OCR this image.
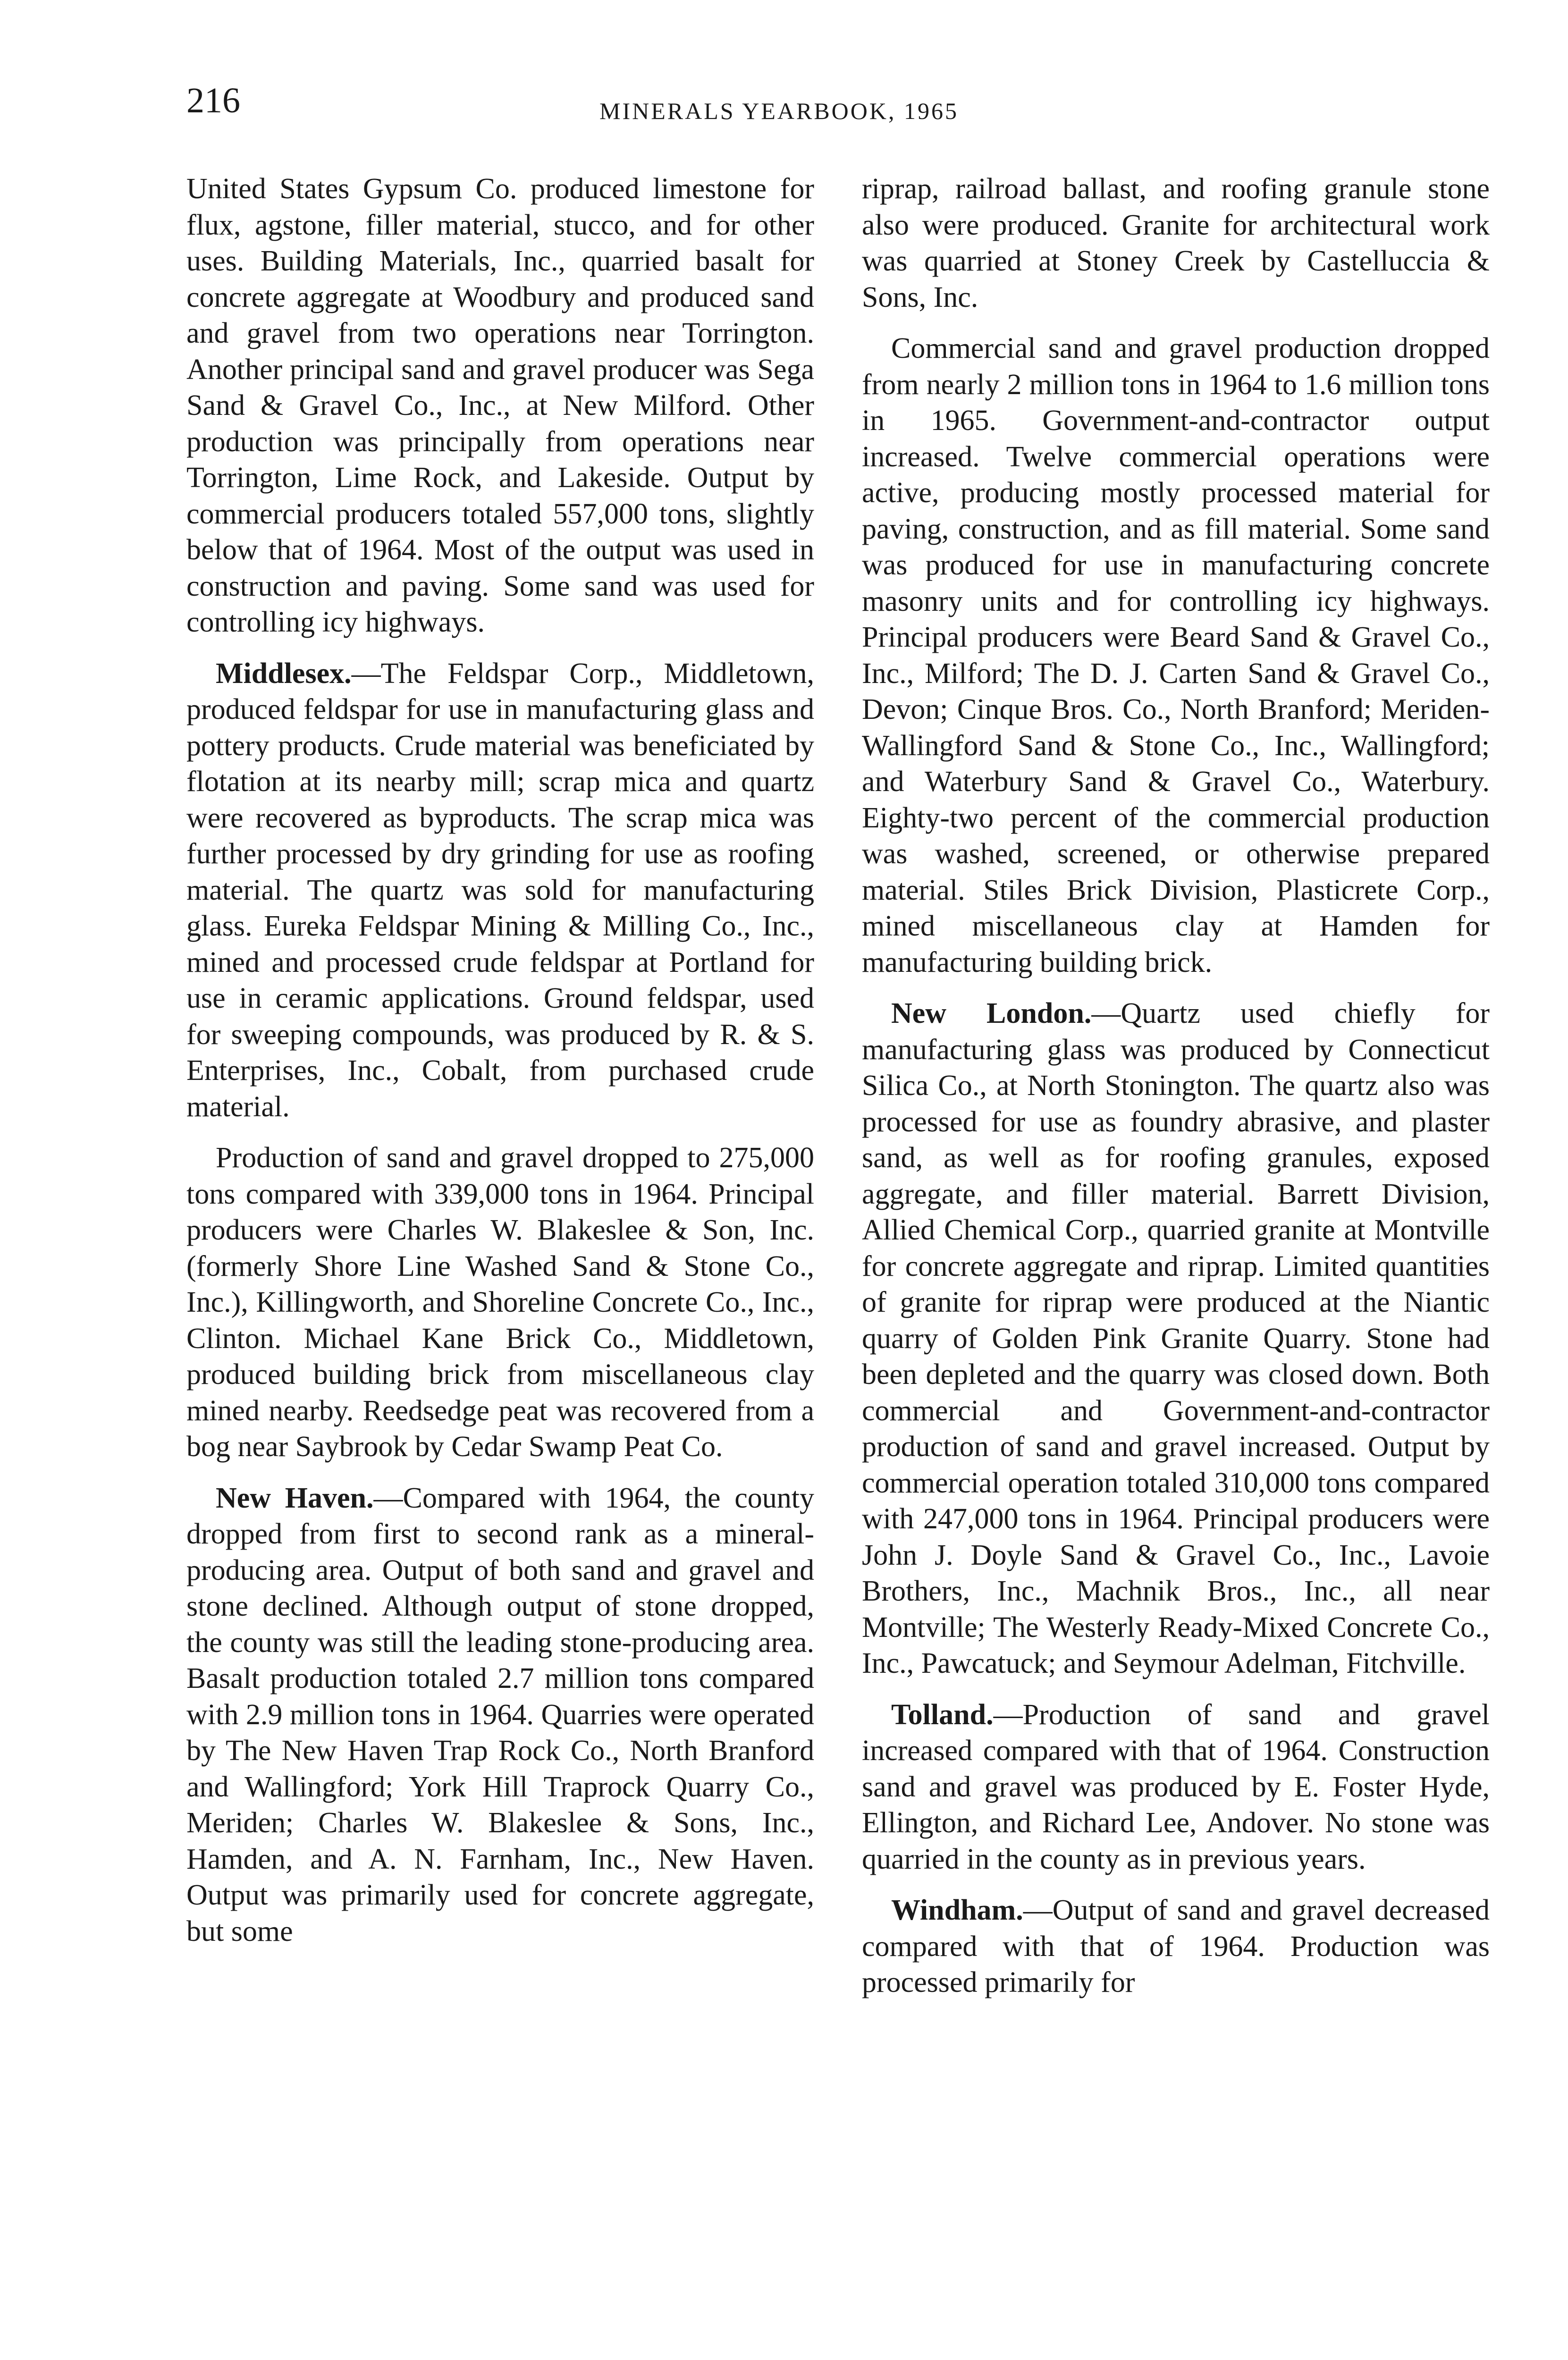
216	MINERALS YEARBOOK, 1965

United States Gypsum Co. produced limestone for flux, agstone, filler material, stucco, and for other uses. Building Materials, Inc., quarried basalt for concrete aggregate at Woodbury and produced sand and gravel from two operations near Torrington. Another principal sand and gravel producer was Sega Sand & Gravel Co., Inc., at New Milford. Other production was principally from operations near Torrington, Lime Rock, and Lakeside. Output by commercial producers totaled 557,000 tons, slightly below that of 1964. Most of the output was used in construction and paving. Some sand was used for controlling icy highways.

Middlesex.—The Feldspar Corp., Middletown, produced feldspar for use in manufacturing glass and pottery products. Crude material was beneficiated by flotation at its nearby mill; scrap mica and quartz were recovered as byproducts. The scrap mica was further processed by dry grinding for use as roofing material. The quartz was sold for manufacturing glass. Eureka Feldspar Mining & Milling Co., Inc., mined and processed crude feldspar at Portland for use in ceramic applications. Ground feldspar, used for sweeping compounds, was produced by R. & S. Enterprises, Inc., Cobalt, from purchased crude material.

Production of sand and gravel dropped to 275,000 tons compared with 339,000 tons in 1964. Principal producers were Charles W. Blakeslee & Son, Inc. (formerly Shore Line Washed Sand & Stone Co., Inc.), Killingworth, and Shoreline Concrete Co., Inc., Clinton. Michael Kane Brick Co., Middletown, produced building brick from miscellaneous clay mined nearby. Reedsedge peat was recovered from a bog near Saybrook by Cedar Swamp Peat Co.

New Haven.—Compared with 1964, the county dropped from first to second rank as a mineral-producing area. Output of both sand and gravel and stone declined. Although output of stone dropped, the county was still the leading stone-producing area. Basalt production totaled 2.7 million tons compared with 2.9 million tons in 1964. Quarries were operated by The New Haven Trap Rock Co., North Branford and Wallingford; York Hill Traprock Quarry Co., Meriden; Charles W. Blakeslee & Sons, Inc., Hamden, and A. N. Farnham, Inc., New Haven. Output was primarily used for concrete aggregate, but some

riprap, railroad ballast, and roofing granule stone also were produced. Granite for architectural work was quarried at Stoney Creek by Castelluccia & Sons, Inc.

Commercial sand and gravel production dropped from nearly 2 million tons in 1964 to 1.6 million tons in 1965. Government-and-contractor output increased. Twelve commercial operations were active, producing mostly processed material for paving, construction, and as fill material. Some sand was produced for use in manufacturing concrete masonry units and for controlling icy highways. Principal producers were Beard Sand & Gravel Co., Inc., Milford; The D. J. Carten Sand & Gravel Co., Devon; Cinque Bros. Co., North Branford; Meriden-Wallingford Sand & Stone Co., Inc., Wallingford; and Waterbury Sand & Gravel Co., Waterbury. Eighty-two percent of the commercial production was washed, screened, or otherwise prepared material. Stiles Brick Division, Plasticrete Corp., mined miscellaneous clay at Hamden for manufacturing building brick.

New London.—Quartz used chiefly for manufacturing glass was produced by Connecticut Silica Co., at North Stonington. The quartz also was processed for use as foundry abrasive, and plaster sand, as well as for roofing granules, exposed aggregate, and filler material. Barrett Division, Allied Chemical Corp., quarried granite at Montville for concrete aggregate and riprap. Limited quantities of granite for riprap were produced at the Niantic quarry of Golden Pink Granite Quarry. Stone had been depleted and the quarry was closed down. Both commercial and Government-and-contractor production of sand and gravel increased. Output by commercial operation totaled 310,000 tons compared with 247,000 tons in 1964. Principal producers were John J. Doyle Sand & Gravel Co., Inc., Lavoie Brothers, Inc., Machnik Bros., Inc., all near Montville; The Westerly Ready-Mixed Concrete Co., Inc., Pawcatuck; and Seymour Adelman, Fitchville.

Tolland.—Production of sand and gravel increased compared with that of 1964. Construction sand and gravel was produced by E. Foster Hyde, Ellington, and Richard Lee, Andover. No stone was quarried in the county as in previous years.

Windham.—Output of sand and gravel decreased compared with that of 1964. Production was processed primarily for
